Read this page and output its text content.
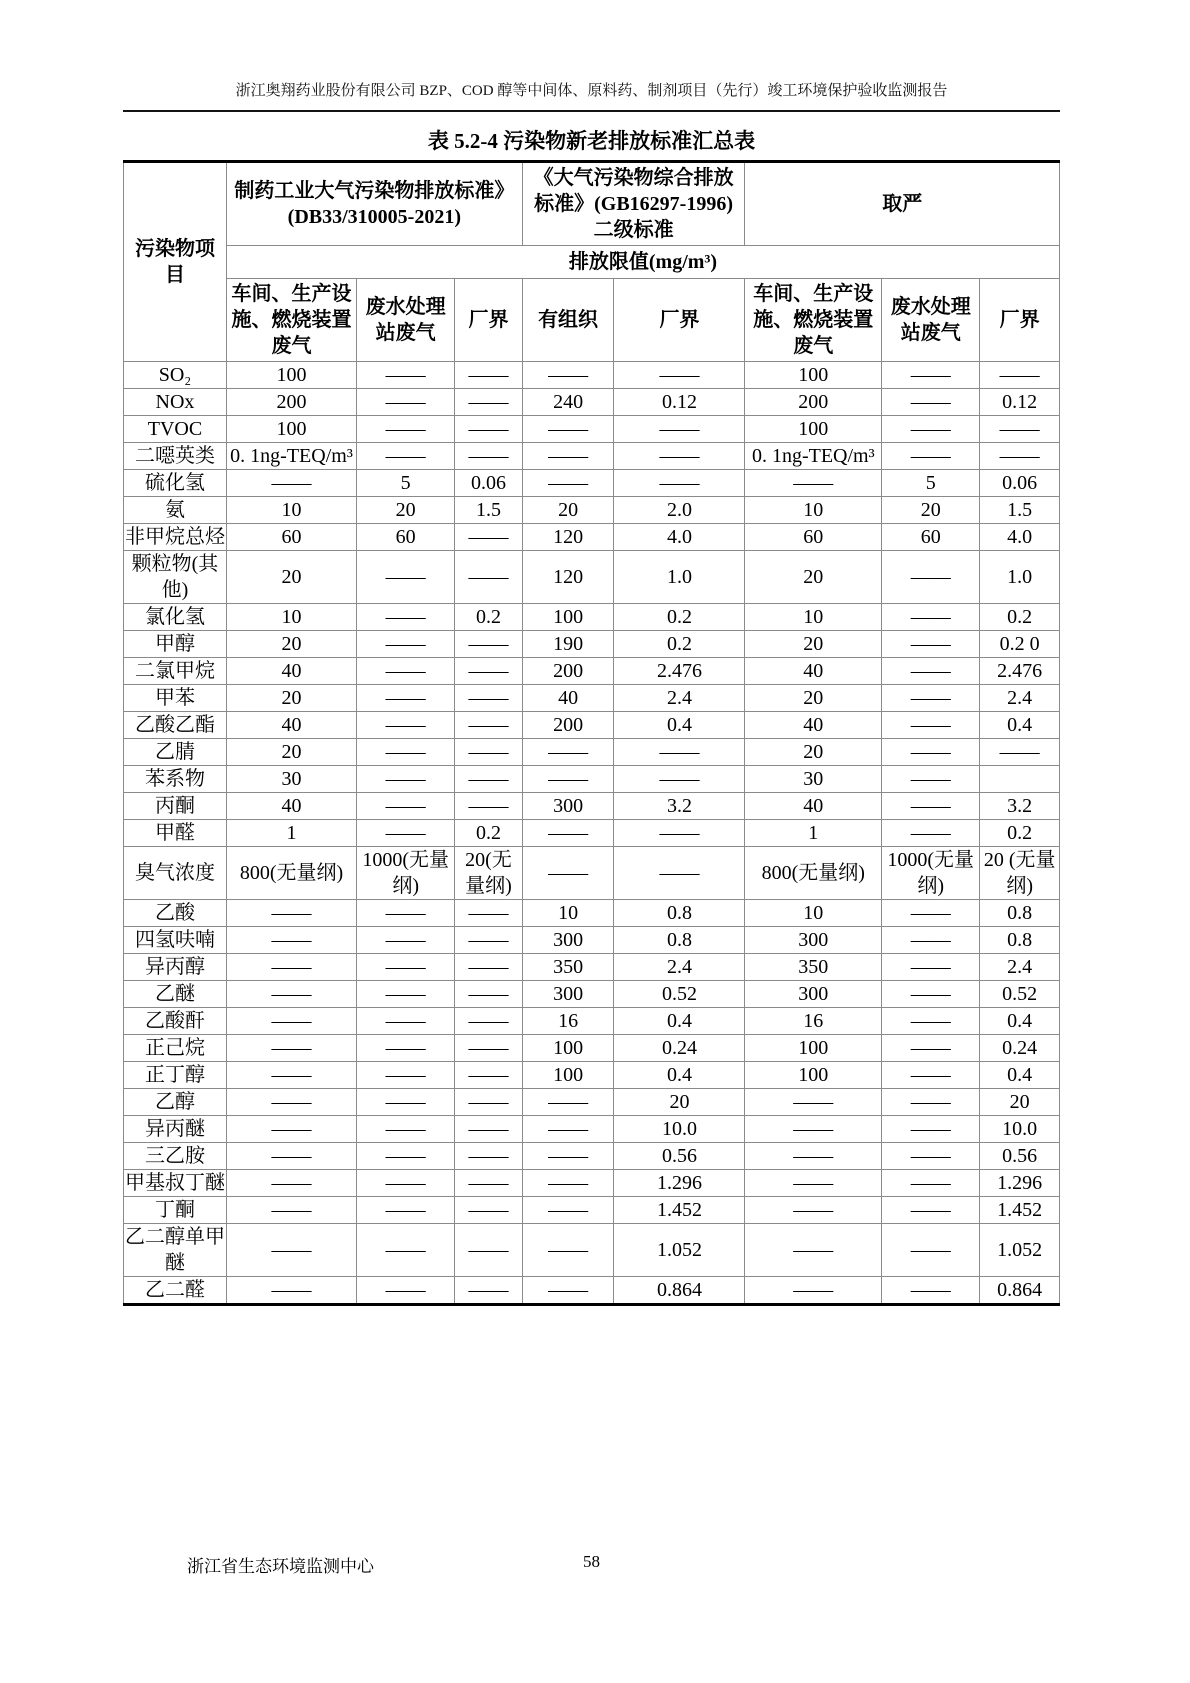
浙江奥翔药业股份有限公司 BZP、COD 醇等中间体、原料药、制剂项目（先行）竣工环境保护验收监测报告
表 5.2-4 污染物新老排放标准汇总表
污染物项目	制药工业大气污染物排放标准》(DB33/310005-2021)			《大气污染物综合排放标准》(GB16297-1996)二级标准		取严		
	排放限值(mg/m³)							
	车间、生产设施、燃烧装置废气	废水处理站废气	厂界	有组织	厂界	车间、生产设施、燃烧装置废气	废水处理站废气	厂界
SO₂	100	——	——	——	——	100	——	——
NOx	200	——	——	240	0.12	200	——	0.12
TVOC	100	——	——	——	——	100	——	——
二噁英类	0. 1ng-TEQ/m³	——	——	——	——	0. 1ng-TEQ/m³	——	——
硫化氢	——	5	0.06	——	——	——	5	0.06
氨	10	20	1.5	20	2.0	10	20	1.5
非甲烷总烃	60	60	——	120	4.0	60	60	4.0
颗粒物(其他)	20	——	——	120	1.0	20	——	1.0
氯化氢	10	——	0.2	100	0.2	10	——	0.2
甲醇	20	——	——	190	0.2	20	——	0.2 0
二氯甲烷	40	——	——	200	2.476	40	——	2.476
甲苯	20	——	——	40	2.4	20	——	2.4
乙酸乙酯	40	——	——	200	0.4	40	——	0.4
乙腈	20	——	——	——	——	20	——	——
苯系物	30	——	——	——	——	30	——	
丙酮	40	——	——	300	3.2	40	——	3.2
甲醛	1	——	0.2	——	——	1	——	0.2
臭气浓度	800(无量纲)	1000(无量纲)	20(无量纲)	——	——	800(无量纲)	1000(无量纲)	20 (无量纲)
乙酸	——	——	——	10	0.8	10	——	0.8
四氢呋喃	——	——	——	300	0.8	300	——	0.8
异丙醇	——	——	——	350	2.4	350	——	2.4
乙醚	——	——	——	300	0.52	300	——	0.52
乙酸酐	——	——	——	16	0.4	16	——	0.4
正己烷	——	——	——	100	0.24	100	——	0.24
正丁醇	——	——	——	100	0.4	100	——	0.4
乙醇	——	——	——	——	20	——	——	20
异丙醚	——	——	——	——	10.0	——	——	10.0
三乙胺	——	——	——	——	0.56	——	——	0.56
甲基叔丁醚	——	——	——	——	1.296	——	——	1.296
丁酮	——	——	——	——	1.452	——	——	1.452
乙二醇单甲醚	——	——	——	——	1.052	——	——	1.052
乙二醛	——	——	——	——	0.864	——	——	0.864
浙江省生态环境监测中心	58
